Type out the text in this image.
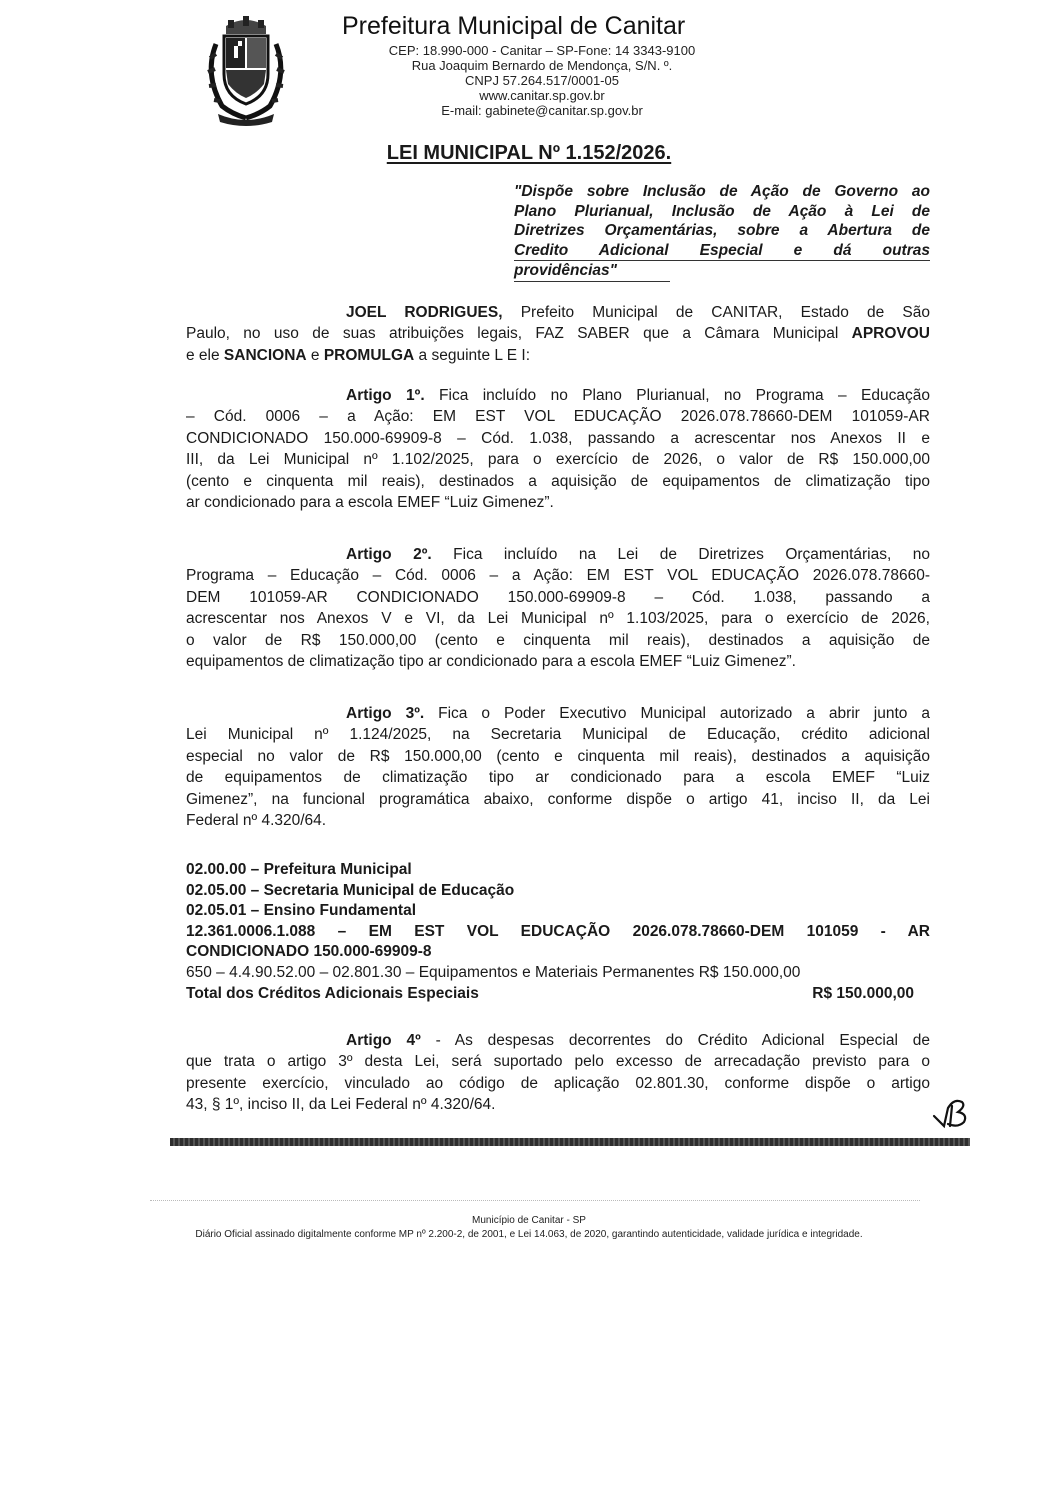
Prefeitura Municipal de Canitar
CEP: 18.990-000 - Canitar – SP-Fone: 14 3343-9100
Rua Joaquim Bernardo de Mendonça, S/N. º.
CNPJ 57.264.517/0001-05
www.canitar.sp.gov.br
E-mail: gabinete@canitar.sp.gov.br
LEI MUNICIPAL Nº 1.152/2026.
"Dispõe sobre Inclusão de Ação de Governo ao
Plano Plurianual, Inclusão de Ação à Lei de
Diretrizes Orçamentárias, sobre a Abertura de
Credito Adicional Especial e dá outras
providências"
JOEL RODRIGUES, Prefeito Municipal de CANITAR, Estado de São
Paulo, no uso de suas atribuições legais, FAZ SABER que a Câmara Municipal APROVOU
e ele SANCIONA e PROMULGA a seguinte L E I:
Artigo 1º. Fica incluído no Plano Plurianual, no Programa – Educação
– Cód. 0006 – a Ação: EM EST VOL EDUCAÇÃO 2026.078.78660-DEM 101059-AR
CONDICIONADO 150.000-69909-8 – Cód. 1.038, passando a acrescentar nos Anexos II e
III, da Lei Municipal nº 1.102/2025, para o exercício de 2026, o valor de R$ 150.000,00
(cento e cinquenta mil reais), destinados a aquisição de equipamentos de climatização tipo
ar condicionado para a escola EMEF “Luiz Gimenez”.
Artigo 2º. Fica incluído na Lei de Diretrizes Orçamentárias, no
Programa – Educação – Cód. 0006 – a Ação: EM EST VOL EDUCAÇÃO 2026.078.78660-
DEM 101059-AR CONDICIONADO 150.000-69909-8 – Cód. 1.038, passando a
acrescentar nos Anexos V e VI, da Lei Municipal nº 1.103/2025, para o exercício de 2026,
o valor de R$ 150.000,00 (cento e cinquenta mil reais), destinados a aquisição de
equipamentos de climatização tipo ar condicionado para a escola EMEF “Luiz Gimenez”.
Artigo 3º. Fica o Poder Executivo Municipal autorizado a abrir junto a
Lei Municipal nº 1.124/2025, na Secretaria Municipal de Educação, crédito adicional
especial no valor de R$ 150.000,00 (cento e cinquenta mil reais), destinados a aquisição
de equipamentos de climatização tipo ar condicionado para a escola EMEF “Luiz
Gimenez”, na funcional programática abaixo, conforme dispõe o artigo 41, inciso II, da Lei
Federal nº 4.320/64.
02.00.00 – Prefeitura Municipal
02.05.00 – Secretaria Municipal de Educação
02.05.01 – Ensino Fundamental
12.361.0006.1.088 – EM EST VOL EDUCAÇÃO 2026.078.78660-DEM 101059 - AR
CONDICIONADO 150.000-69909-8
650 – 4.4.90.52.00 – 02.801.30 – Equipamentos e Materiais Permanentes R$ 150.000,00
Total dos Créditos Adicionais Especiais	R$ 150.000,00
Artigo 4º - As despesas decorrentes do Crédito Adicional Especial de
que trata o artigo 3º desta Lei, será suportado pelo excesso de arrecadação previsto para o
presente exercício, vinculado ao código de aplicação 02.801.30, conforme dispõe o artigo
43, § 1º, inciso II, da Lei Federal nº 4.320/64.
Município de Canitar - SP
Diário Oficial assinado digitalmente conforme MP nº 2.200-2, de 2001, e Lei 14.063, de 2020, garantindo autenticidade, validade jurídica e integridade.
